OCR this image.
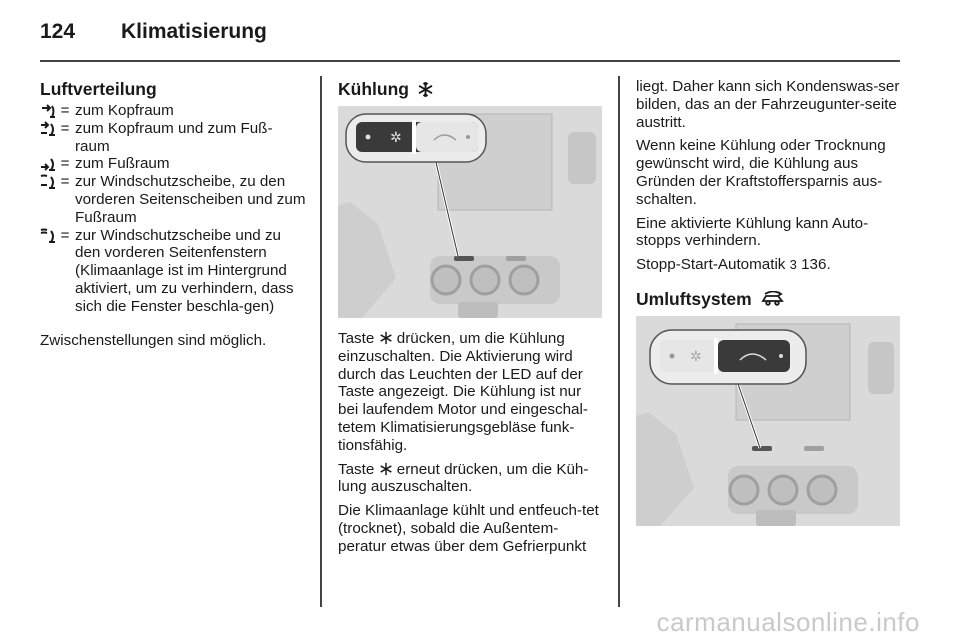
124 Klimatisierung
Luftverteilung
= zum Kopfraum
= zum Kopfraum und zum Fuß-raum
= zum Fußraum
= zur Windschutzscheibe, zu den vorderen Seitenscheiben und zum Fußraum
= zur Windschutzscheibe und zu den vorderen Seitenfenstern (Klimaanlage ist im Hintergrund aktiviert, um zu verhindern, dass sich die Fenster beschla-gen)
Zwischenstellungen sind möglich.
Kühlung
✲

Taste drücken, um die Kühlung einzuschalten. Die Aktivierung wird durch das Leuchten der LED auf der Taste angezeigt. Die Kühlung ist nur bei laufendem Motor und eingeschal-tetem Klimatisierungsgebläse funk-tionsfähig.

Taste erneut drücken, um die Küh-lung auszuschalten.

Die Klimaanlage kühlt und entfeuch-tet (trocknet), sobald die Außentem-peratur etwas über dem Gefrierpunkt

liegt. Daher kann sich Kondenswas-ser bilden, das an der Fahrzeugunter-seite austritt.

Wenn keine Kühlung oder Trocknung gewünscht wird, die Kühlung aus Gründen der Kraftstoffersparnis aus-schalten.

Eine aktivierte Kühlung kann Auto-stopps verhindern.

Stopp-Start-Automatik 3 136.

Umluftsystem
✲
carmanualsonline.info
